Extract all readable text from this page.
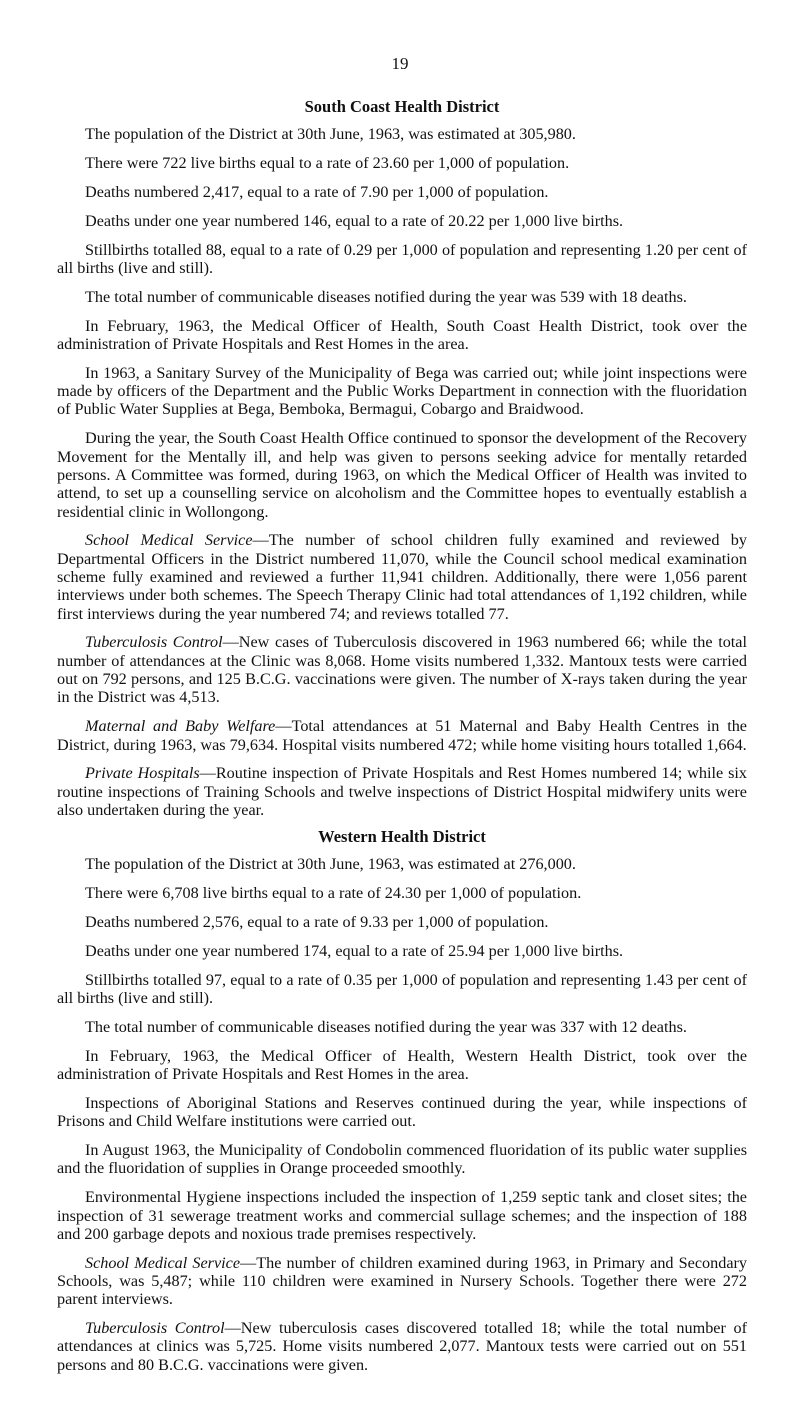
19
South Coast Health District

The population of the District at 30th June, 1963, was estimated at 305,980.

There were 722 live births equal to a rate of 23.60 per 1,000 of population.

Deaths numbered 2,417, equal to a rate of 7.90 per 1,000 of population.

Deaths under one year numbered 146, equal to a rate of 20.22 per 1,000 live births.

Stillbirths totalled 88, equal to a rate of 0.29 per 1,000 of population and representing 1.20 per cent of all births (live and still).

The total number of communicable diseases notified during the year was 539 with 18 deaths.

In February, 1963, the Medical Officer of Health, South Coast Health District, took over the administration of Private Hospitals and Rest Homes in the area.

In 1963, a Sanitary Survey of the Municipality of Bega was carried out; while joint inspections were made by officers of the Department and the Public Works Department in connection with the fluoridation of Public Water Supplies at Bega, Bemboka, Bermagui, Cobargo and Braidwood.

During the year, the South Coast Health Office continued to sponsor the development of the Recovery Movement for the Mentally ill, and help was given to persons seeking advice for mentally retarded persons. A Committee was formed, during 1963, on which the Medical Officer of Health was invited to attend, to set up a counselling service on alcoholism and the Committee hopes to eventually establish a residential clinic in Wollongong.

School Medical Service—The number of school children fully examined and reviewed by Departmental Officers in the District numbered 11,070, while the Council school medical examination scheme fully examined and reviewed a further 11,941 children. Additionally, there were 1,056 parent interviews under both schemes. The Speech Therapy Clinic had total attendances of 1,192 children, while first interviews during the year numbered 74; and reviews totalled 77.

Tuberculosis Control—New cases of Tuberculosis discovered in 1963 numbered 66; while the total number of attendances at the Clinic was 8,068. Home visits numbered 1,332. Mantoux tests were carried out on 792 persons, and 125 B.C.G. vaccinations were given. The number of X-rays taken during the year in the District was 4,513.

Maternal and Baby Welfare—Total attendances at 51 Maternal and Baby Health Centres in the District, during 1963, was 79,634. Hospital visits numbered 472; while home visiting hours totalled 1,664.

Private Hospitals—Routine inspection of Private Hospitals and Rest Homes numbered 14; while six routine inspections of Training Schools and twelve inspections of District Hospital midwifery units were also undertaken during the year.

Western Health District

The population of the District at 30th June, 1963, was estimated at 276,000.

There were 6,708 live births equal to a rate of 24.30 per 1,000 of population.

Deaths numbered 2,576, equal to a rate of 9.33 per 1,000 of population.

Deaths under one year numbered 174, equal to a rate of 25.94 per 1,000 live births.

Stillbirths totalled 97, equal to a rate of 0.35 per 1,000 of population and representing 1.43 per cent of all births (live and still).

The total number of communicable diseases notified during the year was 337 with 12 deaths.

In February, 1963, the Medical Officer of Health, Western Health District, took over the administration of Private Hospitals and Rest Homes in the area.

Inspections of Aboriginal Stations and Reserves continued during the year, while inspections of Prisons and Child Welfare institutions were carried out.

In August 1963, the Municipality of Condobolin commenced fluoridation of its public water supplies and the fluoridation of supplies in Orange proceeded smoothly.

Environmental Hygiene inspections included the inspection of 1,259 septic tank and closet sites; the inspection of 31 sewerage treatment works and commercial sullage schemes; and the inspection of 188 and 200 garbage depots and noxious trade premises respectively.

School Medical Service—The number of children examined during 1963, in Primary and Secondary Schools, was 5,487; while 110 children were examined in Nursery Schools. Together there were 272 parent interviews.

Tuberculosis Control—New tuberculosis cases discovered totalled 18; while the total number of attendances at clinics was 5,725. Home visits numbered 2,077. Mantoux tests were carried out on 551 persons and 80 B.C.G. vaccinations were given.
